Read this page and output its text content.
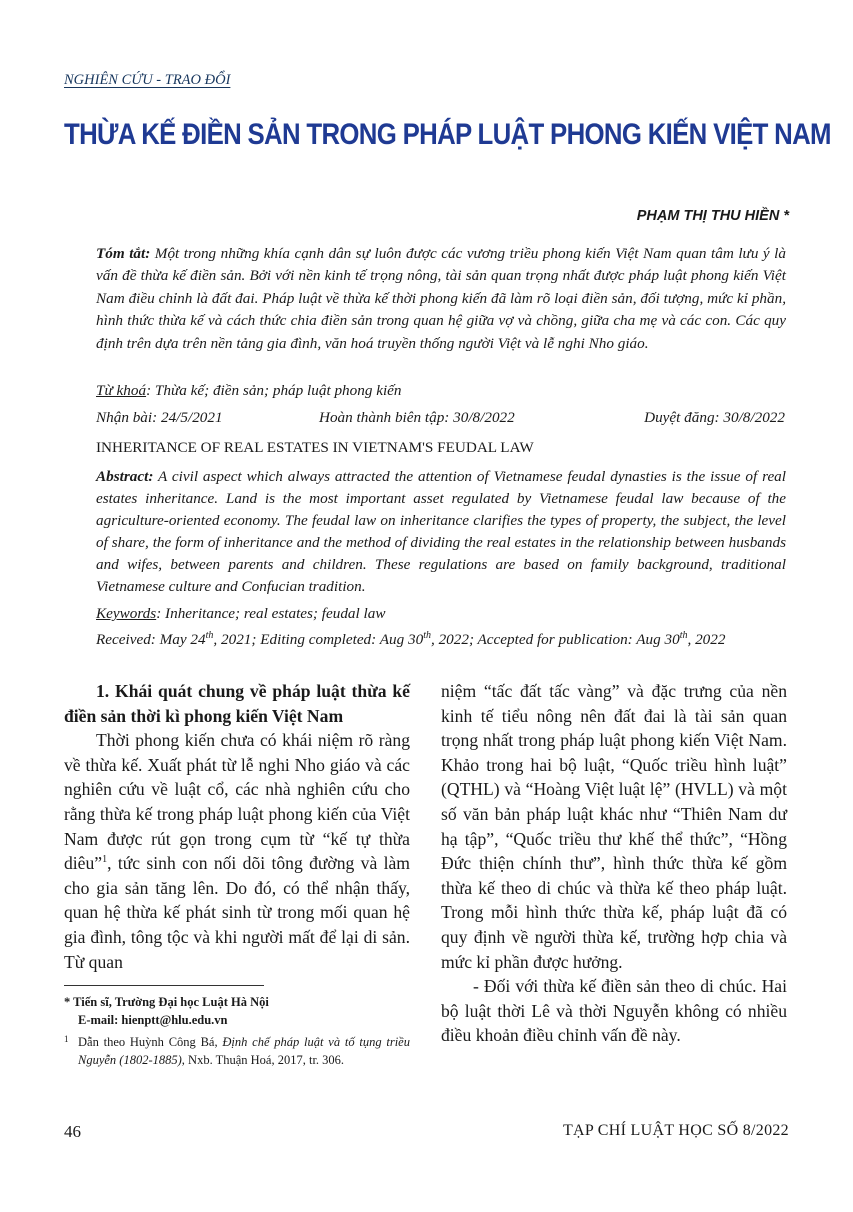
NGHIÊN CỨU - TRAO ĐỔI
THỪA KẾ ĐIỀN SẢN TRONG PHÁP LUẬT PHONG KIẾN VIỆT NAM
PHẠM THỊ THU HIỀN *
Tóm tắt: Một trong những khía cạnh dân sự luôn được các vương triều phong kiến Việt Nam quan tâm lưu ý là vấn đề thừa kế điền sản. Bởi với nền kinh tế trọng nông, tài sản quan trọng nhất được pháp luật phong kiến Việt Nam điều chỉnh là đất đai. Pháp luật về thừa kế thời phong kiến đã làm rõ loại điền sản, đối tượng, mức kỉ phần, hình thức thừa kế và cách thức chia điền sản trong quan hệ giữa vợ và chồng, giữa cha mẹ và các con. Các quy định trên dựa trên nền tảng gia đình, văn hoá truyền thống người Việt và lễ nghi Nho giáo.
Từ khoá: Thừa kế; điền sản; pháp luật phong kiến
Nhận bài: 24/5/2021	Hoàn thành biên tập: 30/8/2022	Duyệt đăng: 30/8/2022
INHERITANCE OF REAL ESTATES IN VIETNAM'S FEUDAL LAW
Abstract: A civil aspect which always attracted the attention of Vietnamese feudal dynasties is the issue of real estates inheritance. Land is the most important asset regulated by Vietnamese feudal law because of the agriculture-oriented economy. The feudal law on inheritance clarifies the types of property, the subject, the level of share, the form of inheritance and the method of dividing the real estates in the relationship between husbands and wifes, between parents and children. These regulations are based on family background, traditional Vietnamese culture and Confucian tradition.
Keywords: Inheritance; real estates; feudal law
Received: May 24th, 2021; Editing completed: Aug 30th, 2022; Accepted for publication: Aug 30th, 2022

1. Khái quát chung về pháp luật thừa kế điền sản thời kì phong kiến Việt Nam

Thời phong kiến chưa có khái niệm rõ ràng về thừa kế. Xuất phát từ lễ nghi Nho giáo và các nghiên cứu về luật cổ, các nhà nghiên cứu cho rằng thừa kế trong pháp luật phong kiến của Việt Nam được rút gọn trong cụm từ “kế tự thừa diêu”$^1$, tức sinh con nối dõi tông đường và làm cho gia sản tăng lên. Do đó, có thể nhận thấy, quan hệ thừa kế phát sinh từ trong mối quan hệ gia đình, tông tộc và khi người mất để lại di sản. Từ quan

niệm “tấc đất tấc vàng” và đặc trưng của nền kinh tế tiểu nông nên đất đai là tài sản quan trọng nhất trong pháp luật phong kiến Việt Nam. Khảo trong hai bộ luật, “Quốc triều hình luật” (QTHL) và “Hoàng Việt luật lệ” (HVLL) và một số văn bản pháp luật khác như “Thiên Nam dư hạ tập”, “Quốc triều thư khế thể thức”, “Hồng Đức thiện chính thư”, hình thức thừa kế gồm thừa kế theo di chúc và thừa kế theo pháp luật. Trong mỗi hình thức thừa kế, pháp luật đã có quy định về người thừa kế, trường hợp chia và mức kỉ phần được hưởng.

- Đối với thừa kế điền sản theo di chúc. Hai bộ luật thời Lê và thời Nguyễn không có nhiều điều khoản điều chỉnh vấn đề này.

* Tiến sĩ, Trường Đại học Luật Hà Nội
E-mail: hienptt@hlu.edu.vn
1 Dẫn theo Huỳnh Công Bá, Định chế pháp luật và tố tụng triều Nguyễn (1802-1885), Nxb. Thuận Hoá, 2017, tr. 306.
46	TẠP CHÍ LUẬT HỌC SỐ 8/2022
